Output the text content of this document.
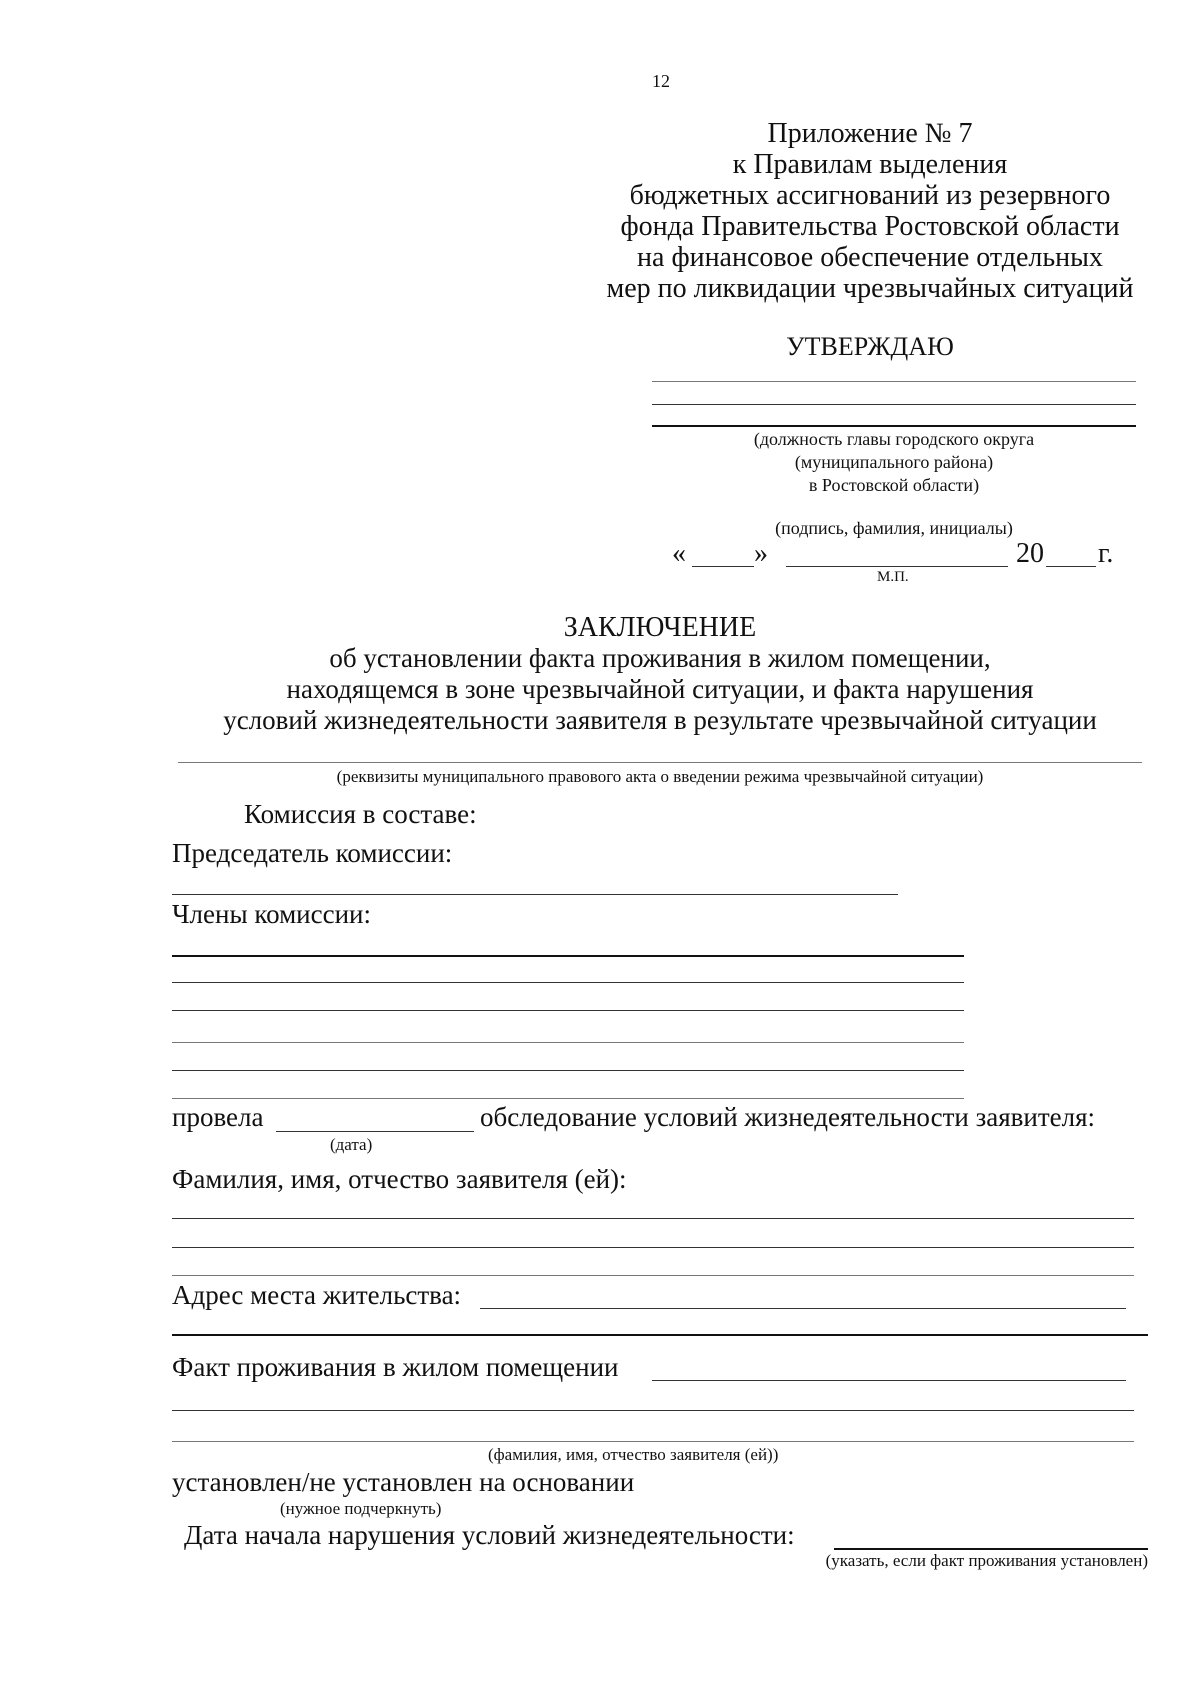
12
Приложение № 7
к Правилам выделения
бюджетных ассигнований из резервного
фонда Правительства Ростовской области
на финансовое обеспечение отдельных
мер по ликвидации чрезвычайных ситуаций
УТВЕРЖДАЮ
(должность главы городского округа
(муниципального района)
в Ростовской области)
(подпись, фамилия, инициалы)
« »	20 г.
М.П.
ЗАКЛЮЧЕНИЕ
об установлении факта проживания в жилом помещении,
находящемся в зоне чрезвычайной ситуации, и факта нарушения
условий жизнедеятельности заявителя в результате чрезвычайной ситуации
(реквизиты муниципального правового акта о введении режима чрезвычайной ситуации)
Комиссия в составе:
Председатель комиссии:
Члены комиссии:
провела	обследование условий жизнедеятельности заявителя:
(дата)
Фамилия, имя, отчество заявителя (ей):
Адрес места жительства:
Факт проживания в жилом помещении
(фамилия, имя, отчество заявителя (ей))
установлен/не установлен на основании
(нужное подчеркнуть)
Дата начала нарушения условий жизнедеятельности:
(указать, если факт проживания установлен)
